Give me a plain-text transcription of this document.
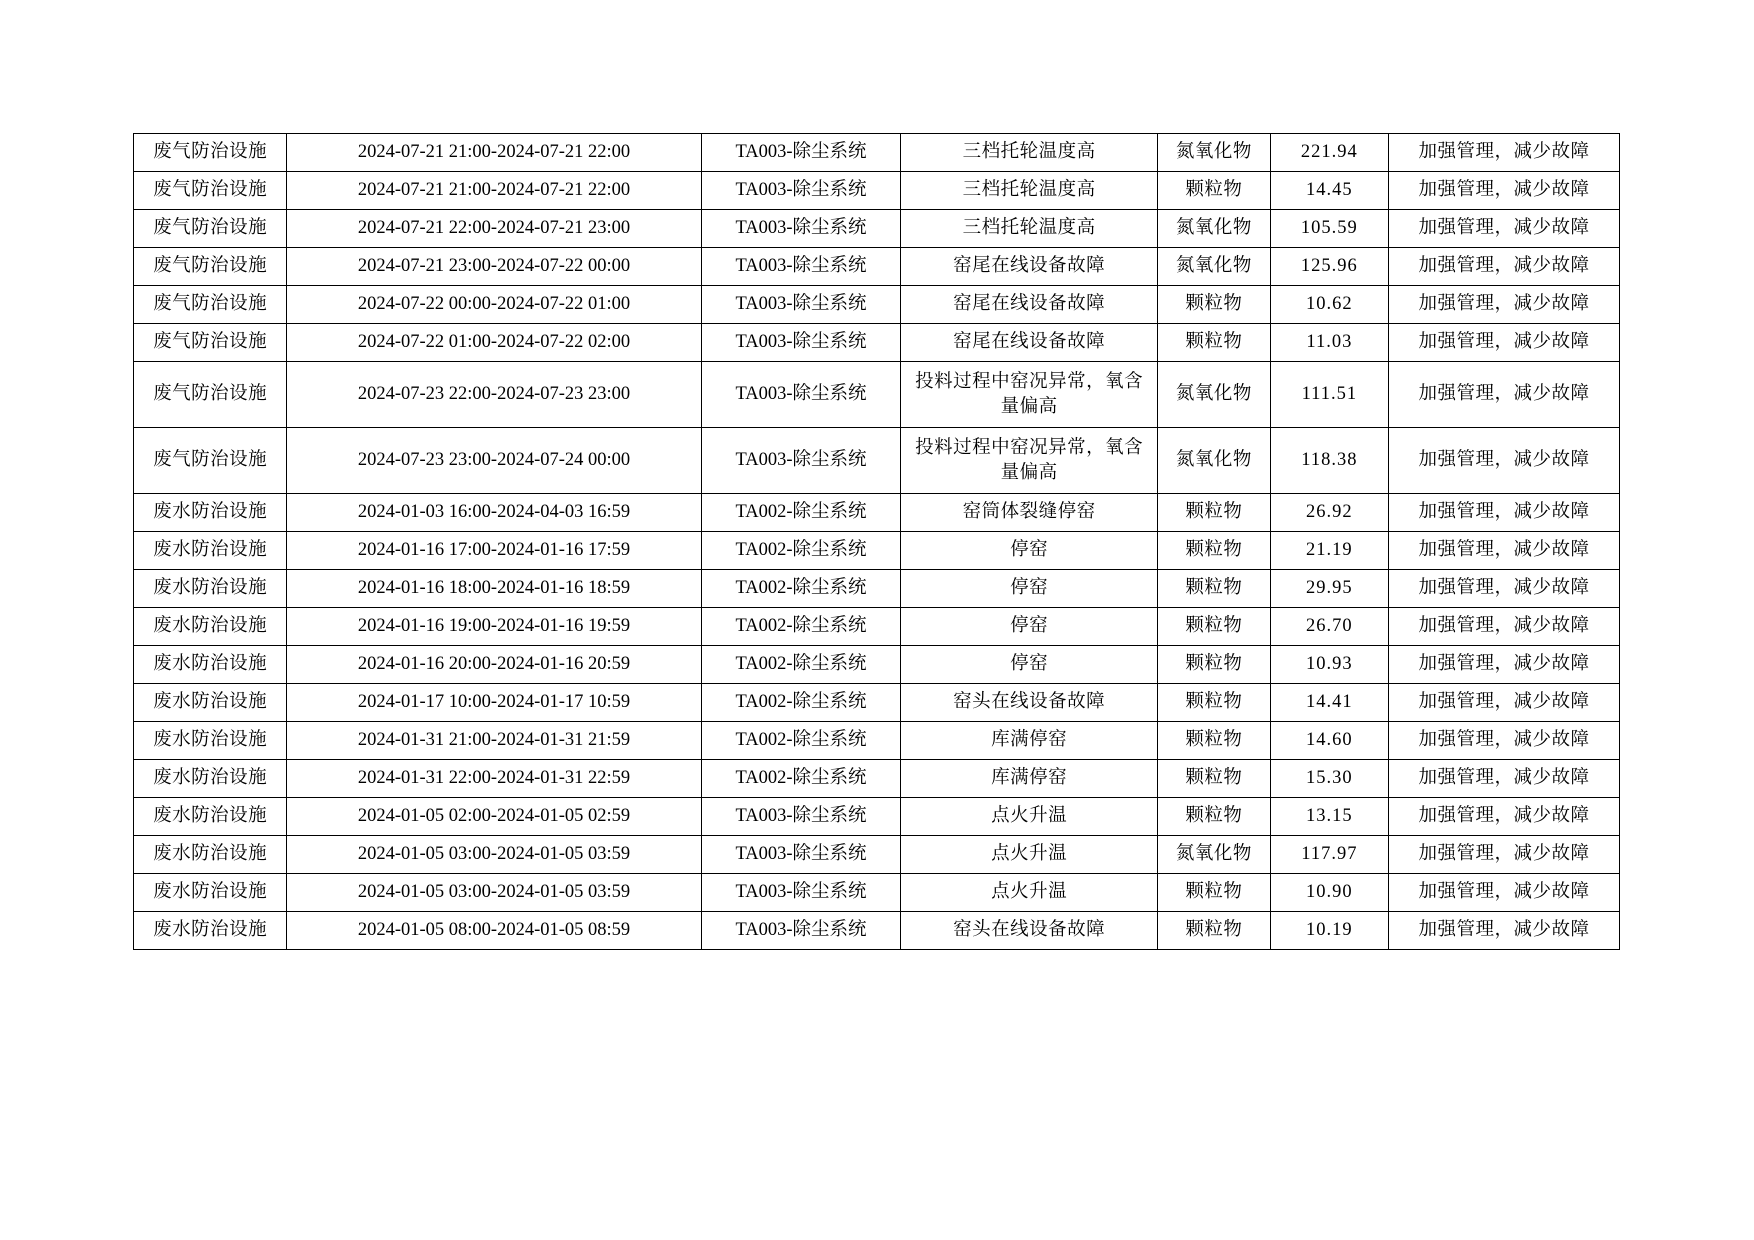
废气防治设施	2024-07-21 21:00-2024-07-21 22:00	TA003-除尘系统	三档托轮温度高	氮氧化物	221.94	加强管理，减少故障
废气防治设施	2024-07-21 21:00-2024-07-21 22:00	TA003-除尘系统	三档托轮温度高	颗粒物	14.45	加强管理，减少故障
废气防治设施	2024-07-21 22:00-2024-07-21 23:00	TA003-除尘系统	三档托轮温度高	氮氧化物	105.59	加强管理，减少故障
废气防治设施	2024-07-21 23:00-2024-07-22 00:00	TA003-除尘系统	窑尾在线设备故障	氮氧化物	125.96	加强管理，减少故障
废气防治设施	2024-07-22 00:00-2024-07-22 01:00	TA003-除尘系统	窑尾在线设备故障	颗粒物	10.62	加强管理，减少故障
废气防治设施	2024-07-22 01:00-2024-07-22 02:00	TA003-除尘系统	窑尾在线设备故障	颗粒物	11.03	加强管理，减少故障
废气防治设施	2024-07-23 22:00-2024-07-23 23:00	TA003-除尘系统	投料过程中窑况异常，氧含量偏高	氮氧化物	111.51	加强管理，减少故障
废气防治设施	2024-07-23 23:00-2024-07-24 00:00	TA003-除尘系统	投料过程中窑况异常，氧含量偏高	氮氧化物	118.38	加强管理，减少故障
废水防治设施	2024-01-03 16:00-2024-04-03 16:59	TA002-除尘系统	窑筒体裂缝停窑	颗粒物	26.92	加强管理，减少故障
废水防治设施	2024-01-16 17:00-2024-01-16 17:59	TA002-除尘系统	停窑	颗粒物	21.19	加强管理，减少故障
废水防治设施	2024-01-16 18:00-2024-01-16 18:59	TA002-除尘系统	停窑	颗粒物	29.95	加强管理，减少故障
废水防治设施	2024-01-16 19:00-2024-01-16 19:59	TA002-除尘系统	停窑	颗粒物	26.70	加强管理，减少故障
废水防治设施	2024-01-16 20:00-2024-01-16 20:59	TA002-除尘系统	停窑	颗粒物	10.93	加强管理，减少故障
废水防治设施	2024-01-17 10:00-2024-01-17 10:59	TA002-除尘系统	窑头在线设备故障	颗粒物	14.41	加强管理，减少故障
废水防治设施	2024-01-31 21:00-2024-01-31 21:59	TA002-除尘系统	库满停窑	颗粒物	14.60	加强管理，减少故障
废水防治设施	2024-01-31 22:00-2024-01-31 22:59	TA002-除尘系统	库满停窑	颗粒物	15.30	加强管理，减少故障
废水防治设施	2024-01-05 02:00-2024-01-05 02:59	TA003-除尘系统	点火升温	颗粒物	13.15	加强管理，减少故障
废水防治设施	2024-01-05 03:00-2024-01-05 03:59	TA003-除尘系统	点火升温	氮氧化物	117.97	加强管理，减少故障
废水防治设施	2024-01-05 03:00-2024-01-05 03:59	TA003-除尘系统	点火升温	颗粒物	10.90	加强管理，减少故障
废水防治设施	2024-01-05 08:00-2024-01-05 08:59	TA003-除尘系统	窑头在线设备故障	颗粒物	10.19	加强管理，减少故障
